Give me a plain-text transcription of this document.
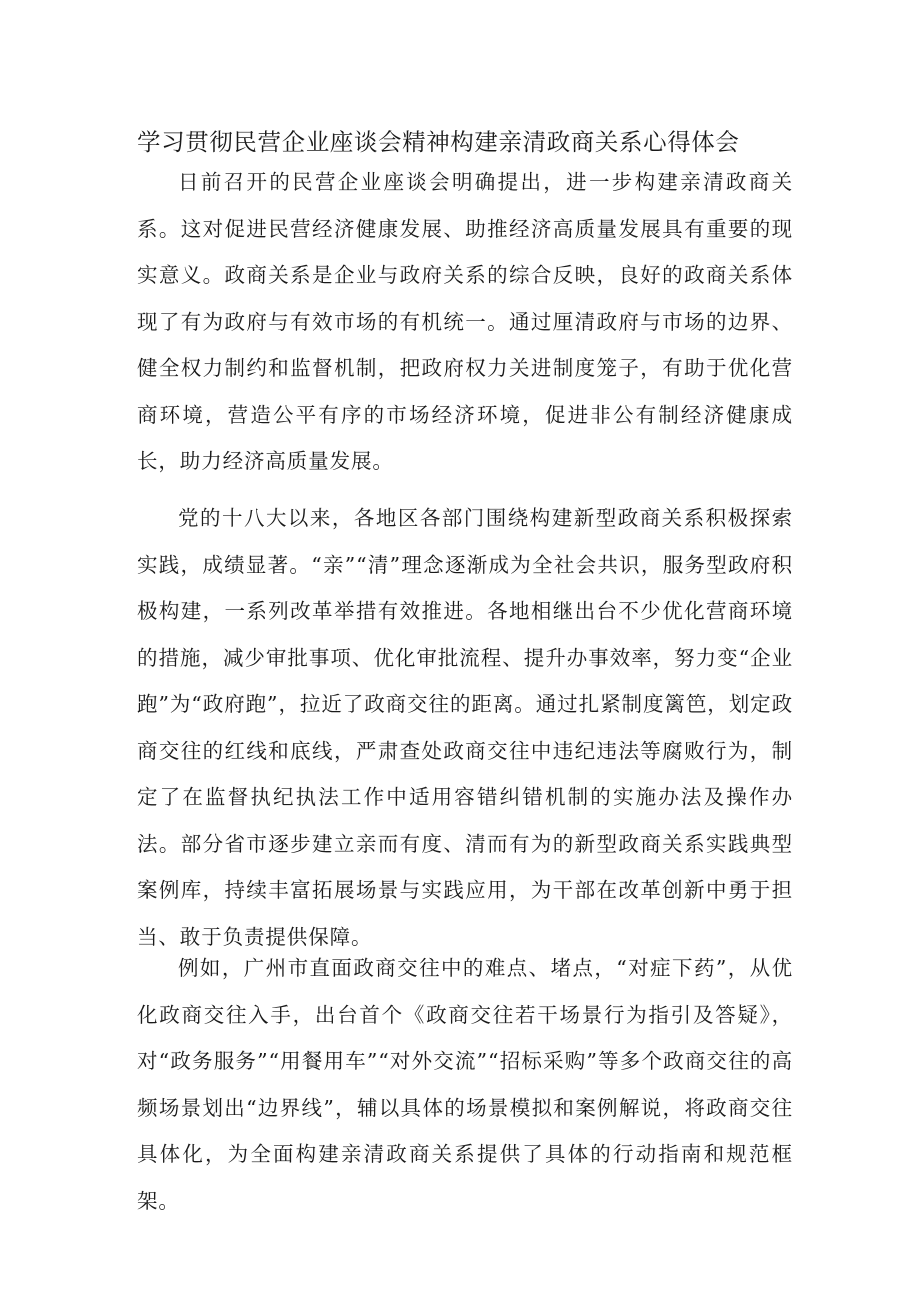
学习贯彻民营企业座谈会精神构建亲清政商关系心得体会

日前召开的民营企业座谈会明确提出，进一步构建亲清政商关系。这对促进民营经济健康发展、助推经济高质量发展具有重要的现实意义。政商关系是企业与政府关系的综合反映，良好的政商关系体现了有为政府与有效市场的有机统一。通过厘清政府与市场的边界、健全权力制约和监督机制，把政府权力关进制度笼子，有助于优化营商环境，营造公平有序的市场经济环境，促进非公有制经济健康成长，助力经济高质量发展。

党的十八大以来，各地区各部门围绕构建新型政商关系积极探索实践，成绩显著。“亲”“清”理念逐渐成为全社会共识，服务型政府积极构建，一系列改革举措有效推进。各地相继出台不少优化营商环境的措施，减少审批事项、优化审批流程、提升办事效率，努力变“企业跑”为“政府跑”，拉近了政商交往的距离。通过扎紧制度篱笆，划定政商交往的红线和底线，严肃查处政商交往中违纪违法等腐败行为，制定了在监督执纪执法工作中适用容错纠错机制的实施办法及操作办法。部分省市逐步建立亲而有度、清而有为的新型政商关系实践典型案例库，持续丰富拓展场景与实践应用，为干部在改革创新中勇于担当、敢于负责提供保障。

例如，广州市直面政商交往中的难点、堵点，“对症下药”，从优化政商交往入手，出台首个《政商交往若干场景行为指引及答疑》，对“政务服务”“用餐用车”“对外交流”“招标采购”等多个政商交往的高频场景划出“边界线”，辅以具体的场景模拟和案例解说，将政商交往具体化，为全面构建亲清政商关系提供了具体的行动指南和规范框架。
